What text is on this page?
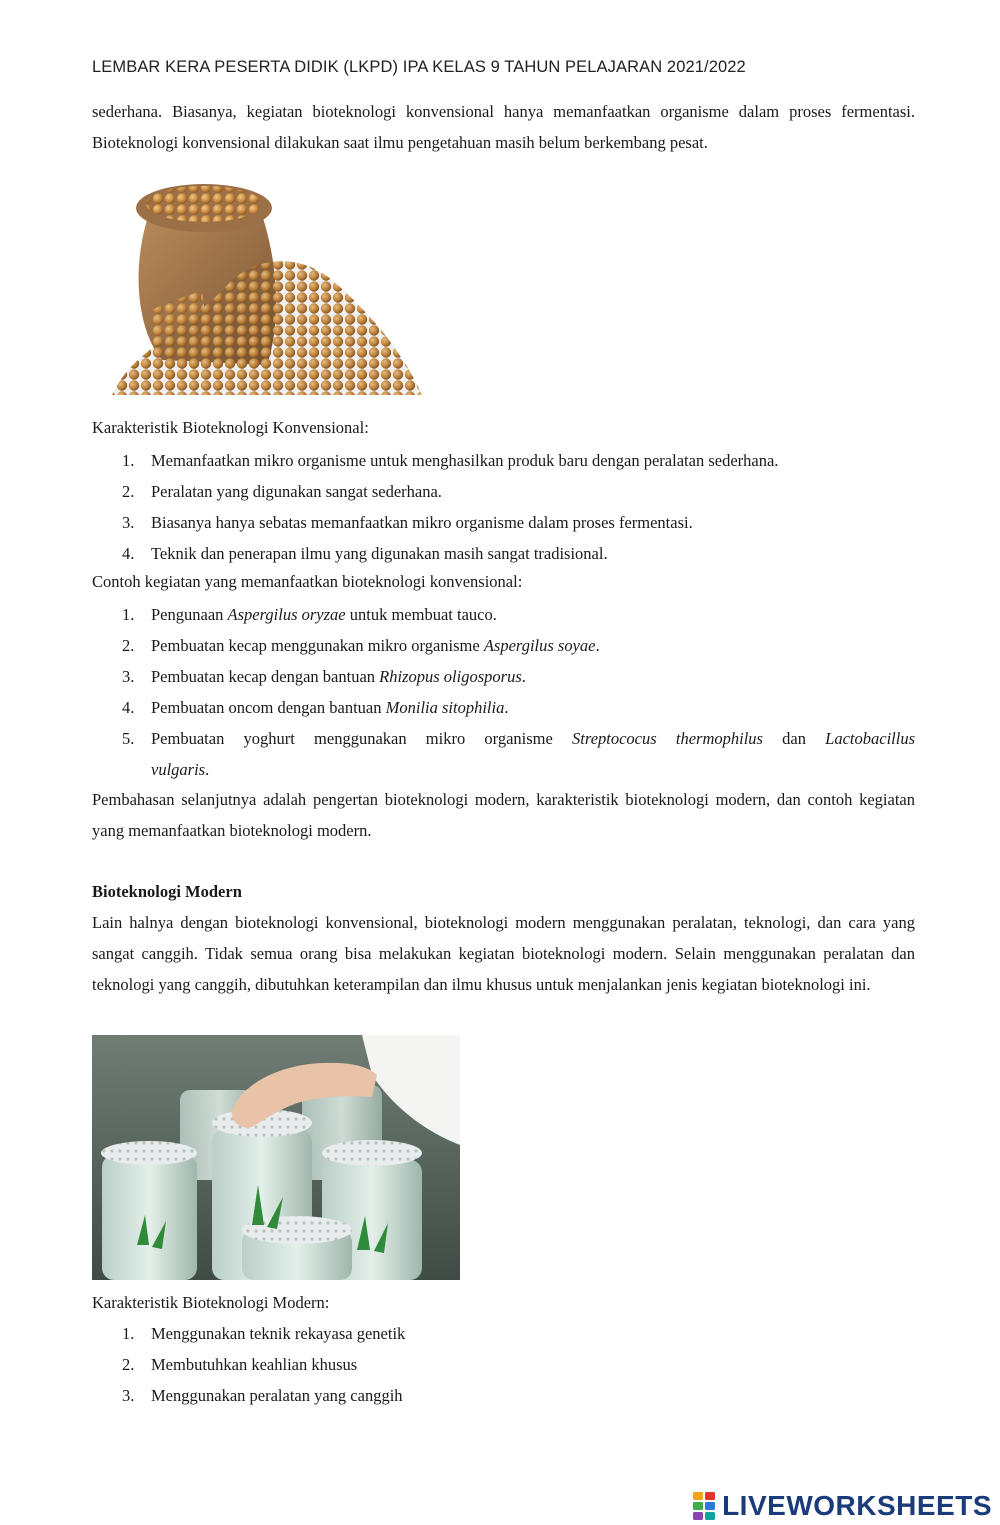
LEMBAR KERA PESERTA DIDIK (LKPD) IPA KELAS 9 TAHUN PELAJARAN 2021/2022

sederhana. Biasanya, kegiatan bioteknologi konvensional hanya memanfaatkan organisme dalam proses fermentasi. Bioteknologi konvensional dilakukan saat ilmu pengetahuan masih belum berkembang pesat.

Karakteristik Bioteknologi Konvensional:

1. Memanfaatkan mikro organisme untuk menghasilkan produk baru dengan peralatan sederhana.
2. Peralatan yang digunakan sangat sederhana.
3. Biasanya hanya sebatas memanfaatkan mikro organisme dalam proses fermentasi.
4. Teknik dan penerapan ilmu yang digunakan masih sangat tradisional.

Contoh kegiatan yang memanfaatkan bioteknologi konvensional:

1. Pengunaan Aspergilus oryzae untuk membuat tauco.
2. Pembuatan kecap menggunakan mikro organisme Aspergilus soyae.
3. Pembuatan kecap dengan bantuan Rhizopus oligosporus.
4. Pembuatan oncom dengan bantuan Monilia sitophilia.
5. Pembuatan yoghurt menggunakan mikro organisme Streptococus thermophilus dan Lactobacillus
vulgaris.

Pembahasan selanjutnya adalah pengertan bioteknologi modern, karakteristik bioteknologi modern, dan contoh kegiatan yang memanfaatkan bioteknologi modern.

Bioteknologi Modern

Lain halnya dengan bioteknologi konvensional, bioteknologi modern menggunakan peralatan, teknologi, dan cara yang sangat canggih. Tidak semua orang bisa melakukan kegiatan bioteknologi modern. Selain menggunakan peralatan dan teknologi yang canggih, dibutuhkan keterampilan dan ilmu khusus untuk menjalankan jenis kegiatan bioteknologi ini.

Karakteristik Bioteknologi Modern:

1. Menggunakan teknik rekayasa genetik
2. Membutuhkan keahlian khusus
3. Menggunakan peralatan yang canggih
LIVEWORKSHEETS
